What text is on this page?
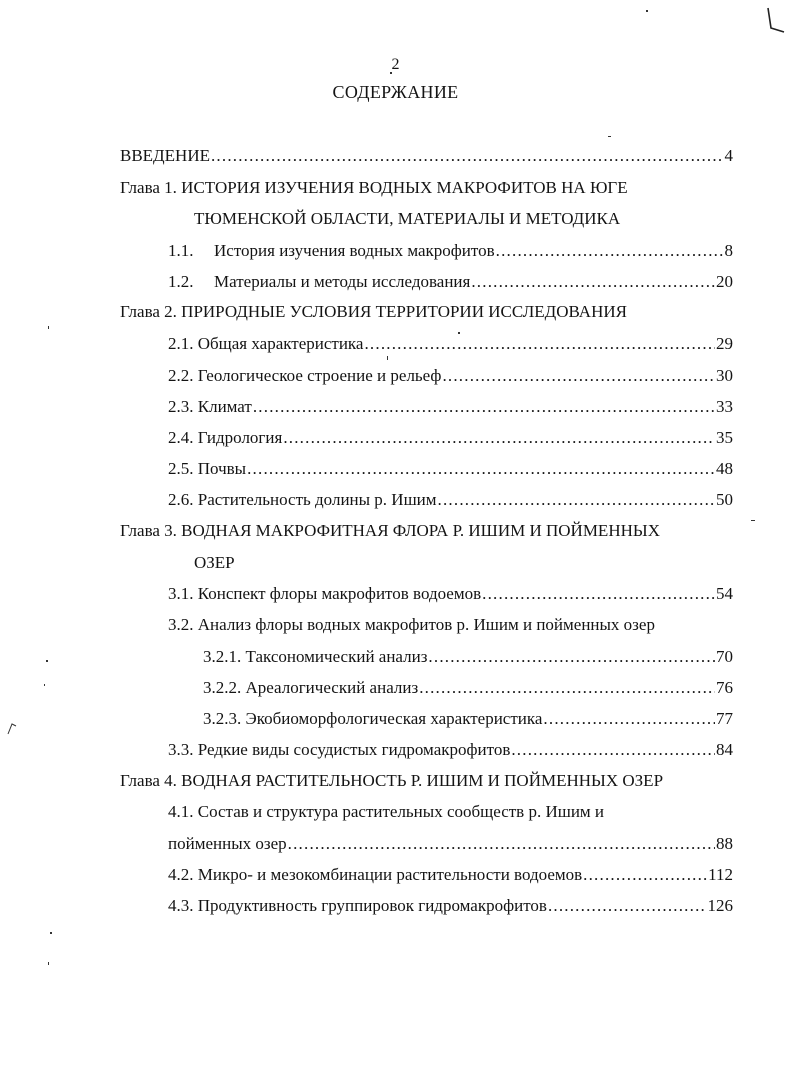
2
СОДЕРЖАНИЕ
ВВЕДЕНИЕ .....	4
Глава 1. ИСТОРИЯ ИЗУЧЕНИЯ ВОДНЫХ МАКРОФИТОВ НА ЮГЕ
ТЮМЕНСКОЙ ОБЛАСТИ, МАТЕРИАЛЫ И МЕТОДИКА
1.1. История изучения водных макрофитов .....	8
1.2. Материалы и методы исследования .....	20
Глава 2. ПРИРОДНЫЕ УСЛОВИЯ ТЕРРИТОРИИ ИССЛЕДОВАНИЯ
2.1. Общая характеристика .....	29
2.2. Геологическое строение и рельеф .....	30
2.3. Климат .....	33
2.4. Гидрология .....	35
2.5. Почвы .....	48
2.6. Растительность долины р. Ишим .....	50
Глава 3. ВОДНАЯ МАКРОФИТНАЯ ФЛОРА Р. ИШИМ И ПОЙМЕННЫХ
ОЗЕР
3.1. Конспект флоры макрофитов водоемов .....	54
3.2. Анализ флоры водных макрофитов р. Ишим и пойменных озер
3.2.1. Таксономический анализ .....	70
3.2.2. Ареалогический анализ .....	76
3.2.3. Экобиоморфологическая характеристика .....	77
3.3. Редкие виды сосудистых гидромакрофитов .....	84
Глава 4. ВОДНАЯ РАСТИТЕЛЬНОСТЬ Р. ИШИМ И ПОЙМЕННЫХ ОЗЕР
4.1. Состав и структура растительных сообществ р. Ишим и
пойменных озер .....	88
4.2. Микро- и мезокомбинации растительности водоемов .....	112
4.3. Продуктивность группировок гидромакрофитов .....	126
